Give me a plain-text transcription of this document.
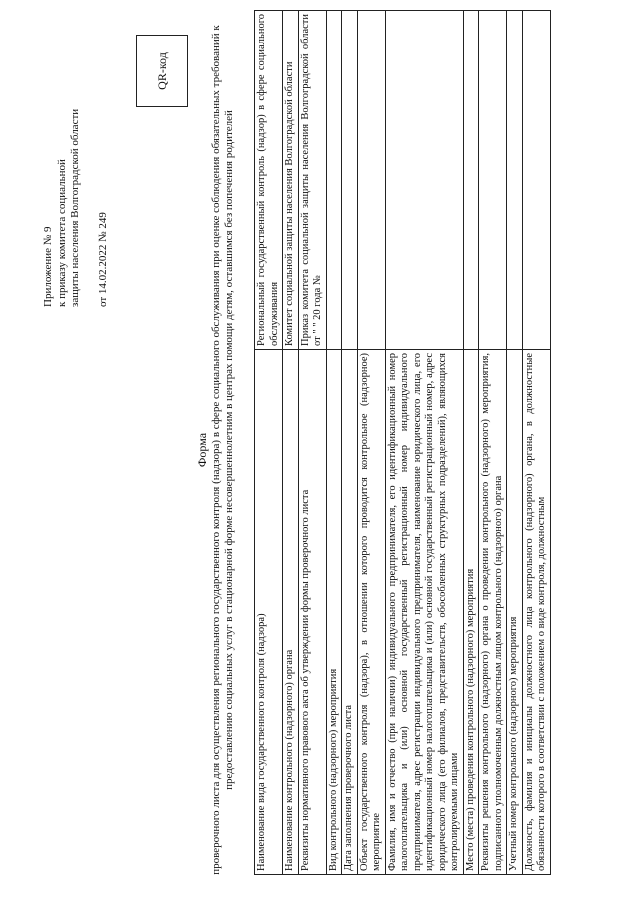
Приложение № 9 к приказу комитета социальной защиты населения Волгоградской области от 14.02.2022 № 249
QR-код
Форма проверочного листа для осуществления регионального государственного контроля (надзора) в сфере социального обслуживания при оценке соблюдения обязательных требований к предоставлению социальных услуг в стационарной форме несовершеннолетним в центрах помощи детям, оставшимся без попечения родителей Наименование вида государственного контроля (надзора)	Региональный государственный контроль (надзор) в сфере социального обслуживания
Наименование контрольного (надзорного) органа	Комитет социальной защиты населения Волгоградской области
Реквизиты нормативного правового акта об утверждении формы проверочного листа	Приказ комитета социальной защиты населения Волгоградской области от " " 20 года №
Вид контрольного (надзорного) мероприятия	
Дата заполнения проверочного листа	
Объект государственного контроля (надзора), в отношении которого проводится контрольное (надзорное) мероприятие	
Фамилия, имя и отчество (при наличии) индивидуального предпринимателя, его идентификационный номер налогоплательщика и (или) основной государственный регистрационный номер индивидуального предпринимателя, адрес регистрации индивидуального предпринимателя, наименование юридического лица, его идентификационный номер налогоплательщика и (или) основной государственный регистрационный номер, адрес юридического лица (его филиалов, представительств, обособленных структурных подразделений), являющихся контролируемыми лицами	
Место (места) проведения контрольного (надзорного) мероприятия	
Реквизиты решения контрольного (надзорного) органа о проведении контрольного (надзорного) мероприятия, подписанного уполномоченным должностным лицом контрольного (надзорного) органа	
Учетный номер контрольного (надзорного) мероприятия	
Должность, фамилия и инициалы должностного лица контрольного (надзорного) органа, в должностные обязанности которого в соответствии с положением о виде контроля, должностным	
